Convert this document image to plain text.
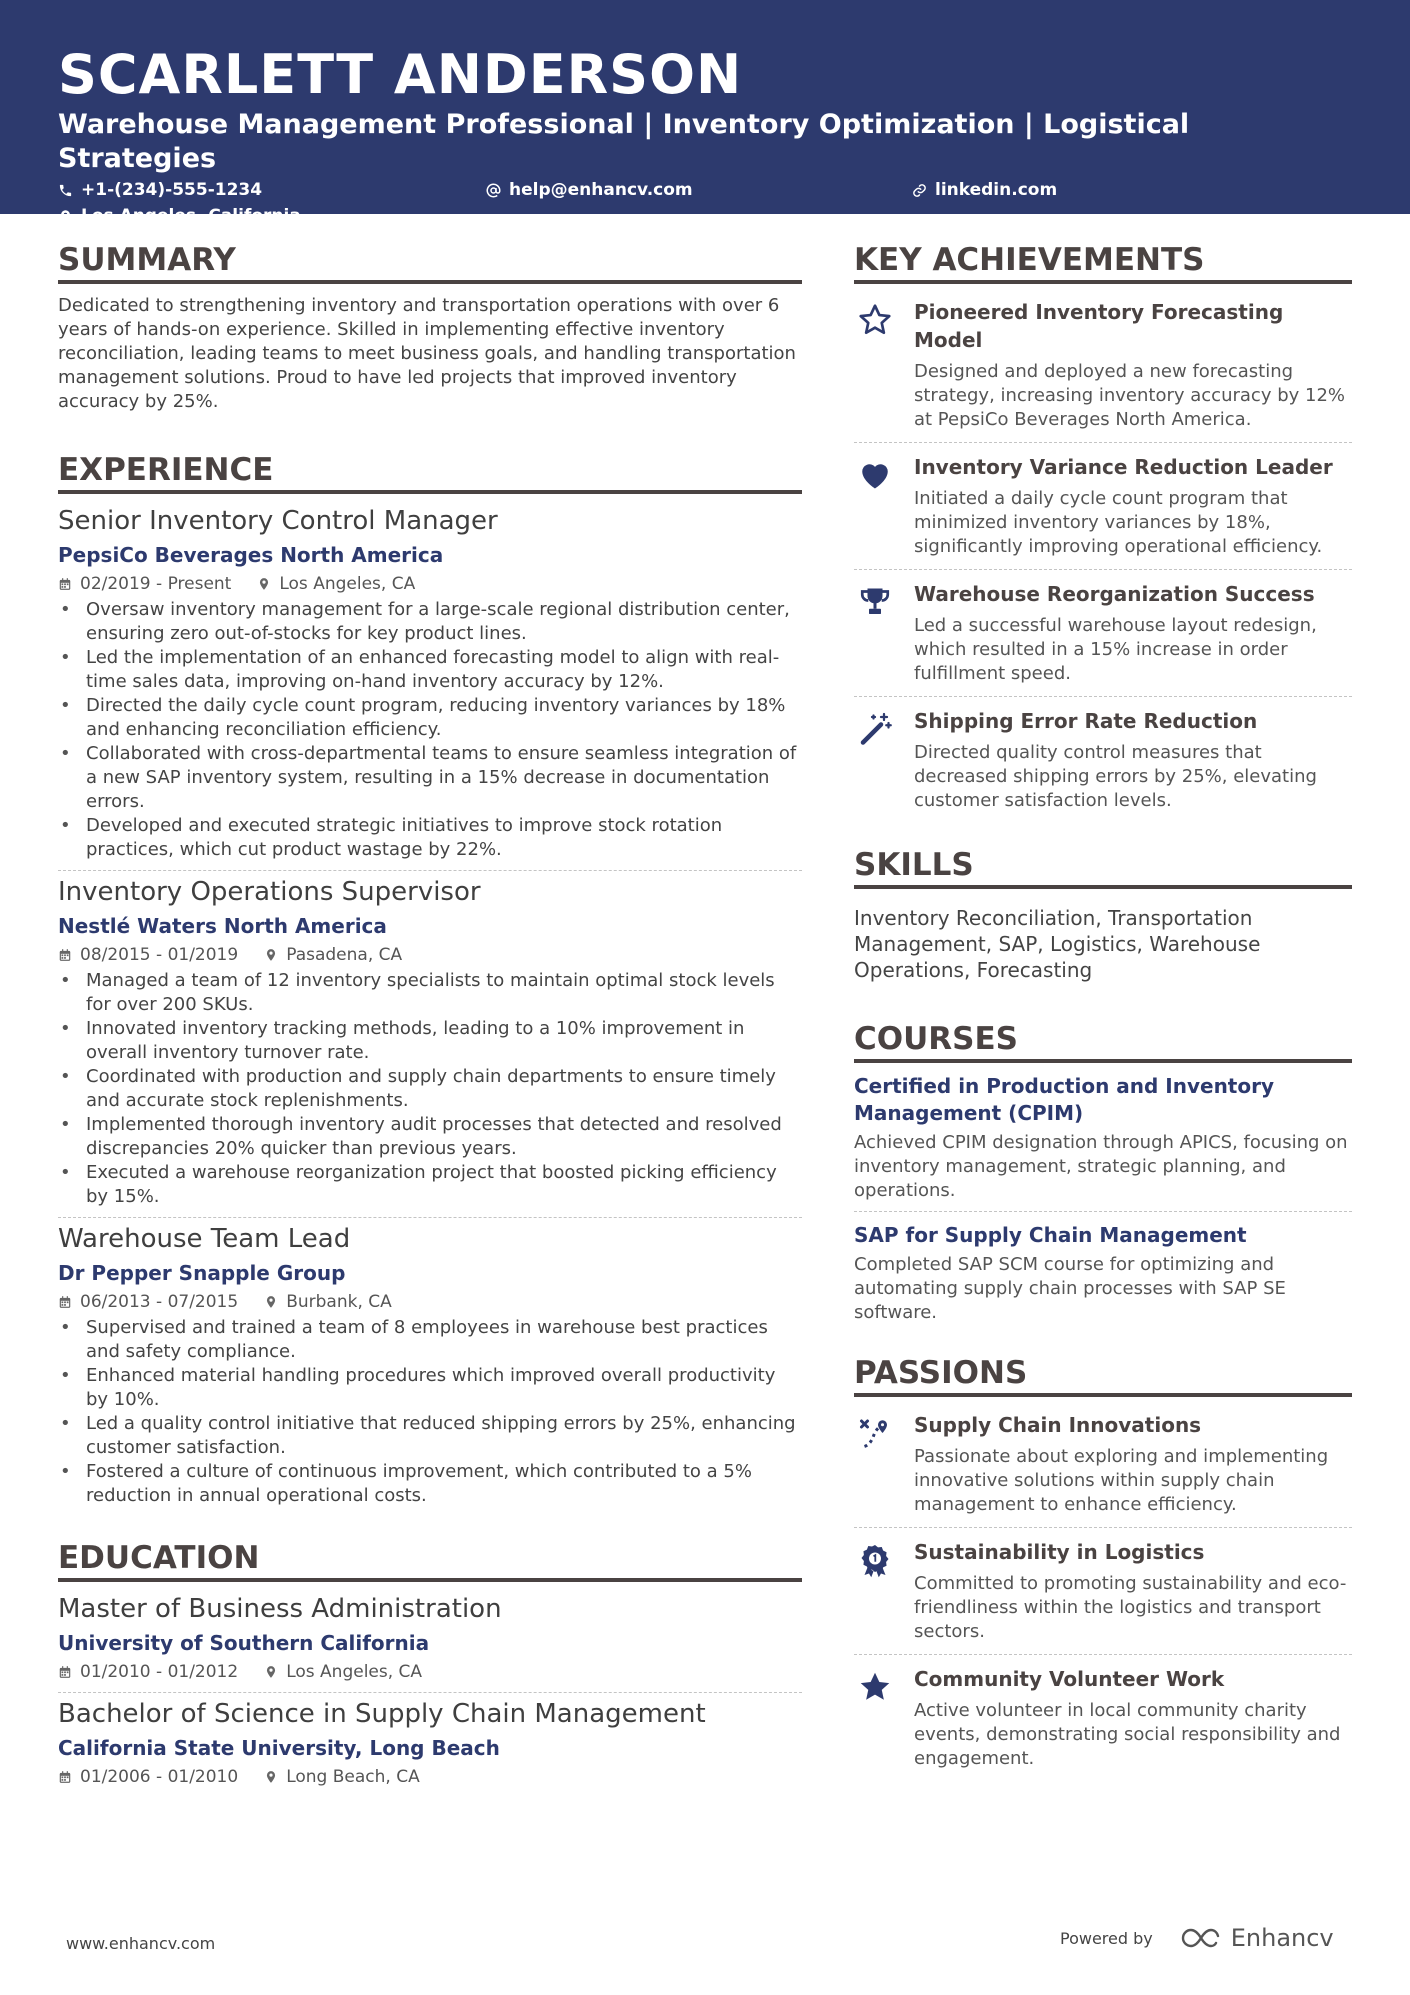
SCARLETT ANDERSON
Warehouse Management Professional | Inventory Optimization | Logistical Strategies
+1-(234)-555-1234	help@enhancv.com	linkedin.com
Los Angeles, California
SUMMARY
Dedicated to strengthening inventory and transportation operations with over 6 years of hands-on experience. Skilled in implementing effective inventory reconciliation, leading teams to meet business goals, and handling transportation management solutions. Proud to have led projects that improved inventory accuracy by 25%.
EXPERIENCE
Senior Inventory Control Manager
PepsiCo Beverages North America
02/2019 - Present	Los Angeles, CA
• Oversaw inventory management for a large-scale regional distribution center, ensuring zero out-of-stocks for key product lines.
• Led the implementation of an enhanced forecasting model to align with real-time sales data, improving on-hand inventory accuracy by 12%.
• Directed the daily cycle count program, reducing inventory variances by 18% and enhancing reconciliation efficiency.
• Collaborated with cross-departmental teams to ensure seamless integration of a new SAP inventory system, resulting in a 15% decrease in documentation errors.
• Developed and executed strategic initiatives to improve stock rotation practices, which cut product wastage by 22%.
Inventory Operations Supervisor
Nestlé Waters North America
08/2015 - 01/2019	Pasadena, CA
• Managed a team of 12 inventory specialists to maintain optimal stock levels for over 200 SKUs.
• Innovated inventory tracking methods, leading to a 10% improvement in overall inventory turnover rate.
• Coordinated with production and supply chain departments to ensure timely and accurate stock replenishments.
• Implemented thorough inventory audit processes that detected and resolved discrepancies 20% quicker than previous years.
• Executed a warehouse reorganization project that boosted picking efficiency by 15%.
Warehouse Team Lead
Dr Pepper Snapple Group
06/2013 - 07/2015	Burbank, CA
• Supervised and trained a team of 8 employees in warehouse best practices and safety compliance.
• Enhanced material handling procedures which improved overall productivity by 10%.
• Led a quality control initiative that reduced shipping errors by 25%, enhancing customer satisfaction.
• Fostered a culture of continuous improvement, which contributed to a 5% reduction in annual operational costs.
EDUCATION
Master of Business Administration
University of Southern California
01/2010 - 01/2012	Los Angeles, CA
Bachelor of Science in Supply Chain Management
California State University, Long Beach
01/2006 - 01/2010	Long Beach, CA
KEY ACHIEVEMENTS
Pioneered Inventory Forecasting Model
Designed and deployed a new forecasting strategy, increasing inventory accuracy by 12% at PepsiCo Beverages North America.
Inventory Variance Reduction Leader
Initiated a daily cycle count program that minimized inventory variances by 18%, significantly improving operational efficiency.
Warehouse Reorganization Success
Led a successful warehouse layout redesign, which resulted in a 15% increase in order fulfillment speed.
Shipping Error Rate Reduction
Directed quality control measures that decreased shipping errors by 25%, elevating customer satisfaction levels.
SKILLS
Inventory Reconciliation, Transportation Management, SAP, Logistics, Warehouse Operations, Forecasting
COURSES
Certified in Production and Inventory Management (CPIM)
Achieved CPIM designation through APICS, focusing on inventory management, strategic planning, and operations.
SAP for Supply Chain Management
Completed SAP SCM course for optimizing and automating supply chain processes with SAP SE software.
PASSIONS
Supply Chain Innovations
Passionate about exploring and implementing innovative solutions within supply chain management to enhance efficiency.
Sustainability in Logistics
Committed to promoting sustainability and eco-friendliness within the logistics and transport sectors.
Community Volunteer Work
Active volunteer in local community charity events, demonstrating social responsibility and engagement.
www.enhancv.com	Powered by	Enhancv
